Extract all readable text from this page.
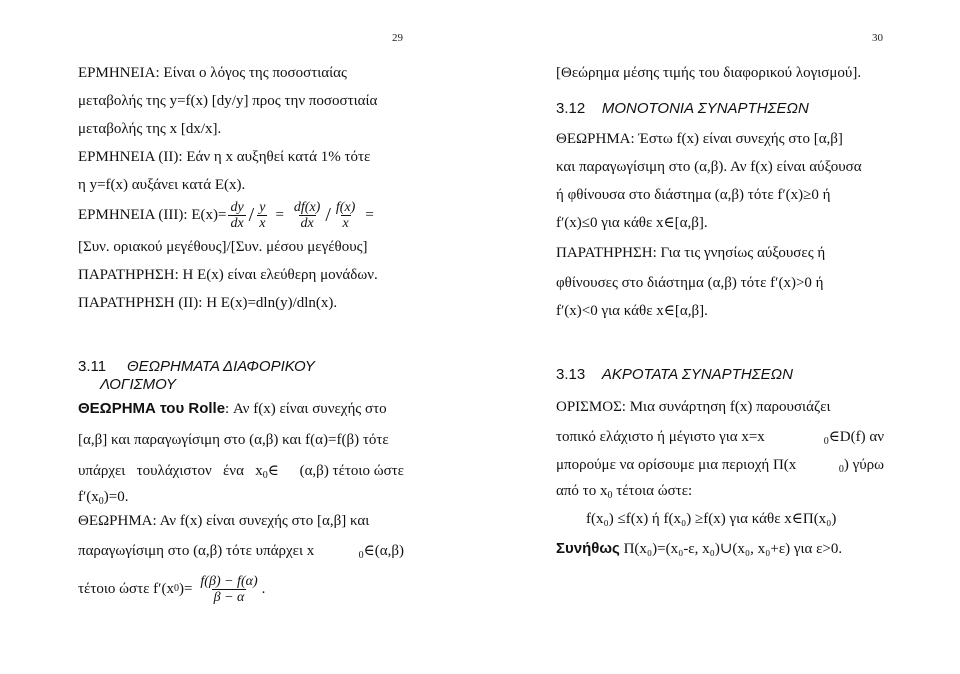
29
ΕΡΜΗΝΕΙΑ: Είναι ο λόγος της ποσοστιαίας
μεταβολής της y=f(x) [dy/y] προς την ποσοστιαία
μεταβολής της x [dx/x].
ΕΡΜΗΝΕΙΑ (ΙΙ): Εάν η x αυξηθεί κατά 1% τότε
η y=f(x) αυξάνει κατά E(x).
ΕΡΜΗΝΕΙΑ (ΙΙΙ): $E(x)= \frac{dy}{dx} / \frac{y}{x} = \frac{df(x)}{dx} / \frac{f(x)}{x}$ =
[Συν. οριακού μεγέθους]/[Συν. μέσου μεγέθους]
ΠΑΡΑΤΗΡΗΣΗ: Η E(x) είναι ελεύθερη μονάδων.
ΠΑΡΑΤΗΡΗΣΗ (ΙΙ): Η E(x)=dln(y)/dln(x).
3.11 ΘΕΩΡΗΜΑΤΑ ΔΙΑΦΟΡΙΚΟΥ
ΛΟΓΙΣΜΟΥ
ΘΕΩΡΗΜΑ του Rolle: Αν f(x) είναι συνεχής στο
[α,β] και παραγωγίσιμη στο (α,β) και f(α)=f(β) τότε
υπάρχει   τουλάχιστον   ένα   $x_0\in$ (α,β) τέτοιο ώστε
$f'(x_0)=0$.
ΘΕΩΡΗΜΑ: Αν f(x) είναι συνεχής στο [α,β] και
παραγωγίσιμη στο (α,β) τότε υπάρχει x	$_0$∈(α,β)
τέτοιο ώστε f′(x 0 )= $\frac{f(\beta) - f(\alpha)}{\beta - \alpha}$ .
30
[Θεώρημα μέσης τιμής του διαφορικού λογισμού].
3.12 ΜΟΝΟΤΟΝΙΑ ΣΥΝΑΡΤΗΣΕΩΝ
ΘΕΩΡΗΜΑ: Έστω f(x) είναι συνεχής στο [α,β]
και παραγωγίσιμη στο (α,β). Αν f(x) είναι αύξουσα
ή φθίνουσα στο διάστημα (α,β) τότε f′(x)≥0 ή
f′(x)≤0 για κάθε x∈[α,β].
ΠΑΡΑΤΗΡΗΣΗ: Για τις γνησίως αύξουσες ή
φθίνουσες στο διάστημα (α,β) τότε f′(x)>0 ή
f′(x)<0 για κάθε x∈[α,β].
3.13 ΑΚΡΟΤΑΤΑ ΣΥΝΑΡΤΗΣΕΩΝ
ΟΡΙΣΜΟΣ: Μια συνάρτηση f(x) παρουσιάζει
τοπικό ελάχιστο ή μέγιστο για x=x	$_0$∈D(f) αν
μπορούμε να ορίσουμε μια περιοχή Π(x	$_0$) γύρω
από το $x_0$ τέτοια ώστε:
f(x₀) ≤f(x) ή f(x₀) ≥f(x) για κάθε x∈Π(x₀)
Συνήθως Π(x₀)=(x₀-ε, x₀)∪(x₀, x₀+ε) για ε>0.
